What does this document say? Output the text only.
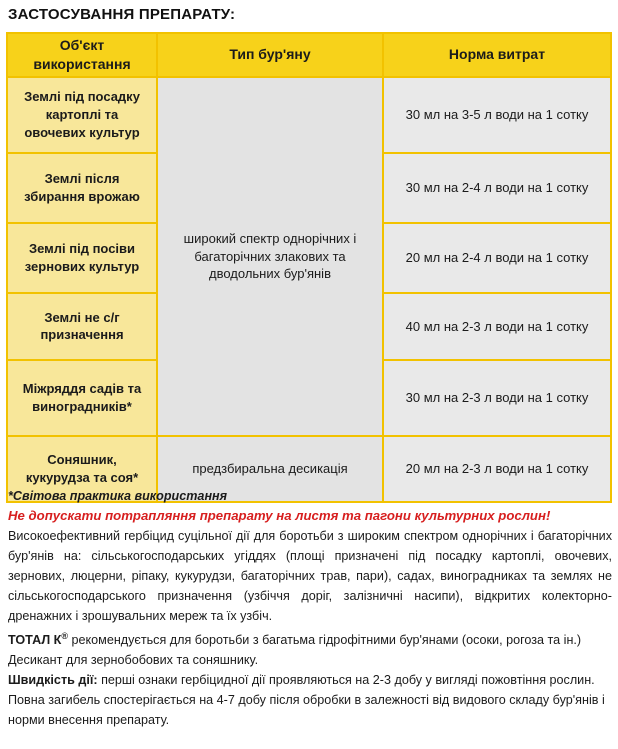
ЗАСТОСУВАННЯ ПРЕПАРАТУ:
Об'єкт використання	Тип бур'яну	Норма витрат
Землі під посадку картоплі та овочевих культур	широкий спектр однорічних і багаторічних злакових та дводольних бур'янів	30 мл на 3-5 л води на 1 сотку
Землі після збирання врожаю		30 мл на 2-4 л води на 1 сотку
Землі під посіви зернових культур		20 мл на 2-4 л води на 1 сотку
Землі не с/г призначення		40 мл на 2-3 л води на 1 сотку
Міжряддя садів та виноградників*		30 мл на 2-3 л води на 1 сотку
Соняшник, кукурудза та соя*	предзбиральна десикація	20 мл на 2-3 л води на 1 сотку

*Світова практика використання

Не допускати потрапляння препарату на листя та пагони культурних рослин!

Високоефективний гербіцид суцільної дії для боротьби з широким спектром однорічних і багаторічних бур'янів на: сільськогосподарських угіддях (площі призначені під посадку картоплі, овочевих, зернових, люцерни, ріпаку, кукурудзи, багаторічних трав, пари), садах, виноградниках та землях не сільськогосподарського призначення (узбіччя доріг, залізничні насипи), відкритих колекторно-дренажних і зрошувальних мереж та їх узбіч.

ТОТАЛ К® рекомендується для боротьби з багатьма гідрофітними бур'янами (осоки, рогоза та ін.)

Десикант для зернобобових та соняшнику.

Швидкість дії: перші ознаки гербіцидної дії проявляються на 2-3 добу у вигляді пожовтіння рослин.

Повна загибель спостерігається на 4-7 добу після обробки в залежності від видового складу бур'янів і норми внесення препарату.
